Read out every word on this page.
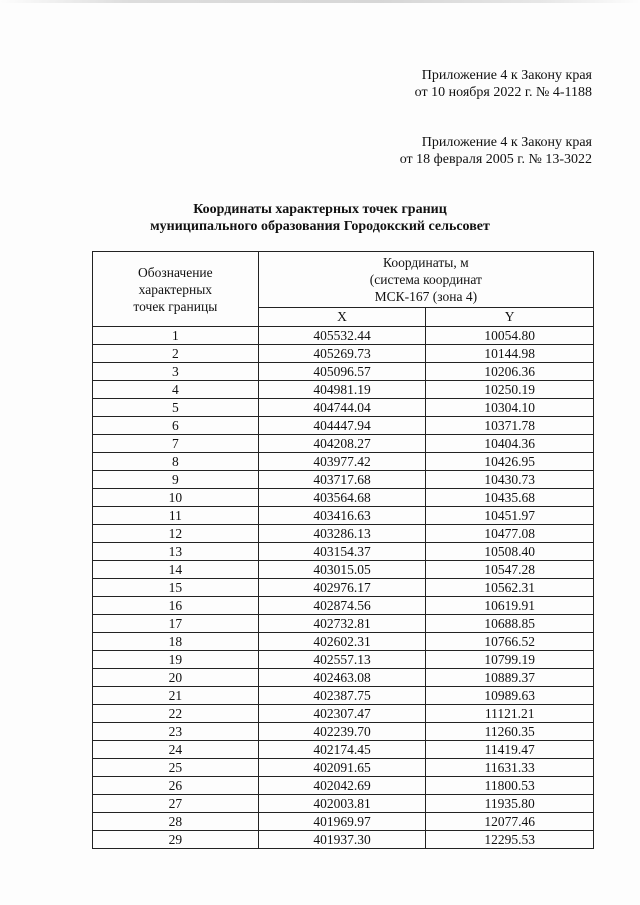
Приложение 4 к Закону края
от 10 ноября 2022 г. № 4-1188
Приложение 4 к Закону края
от 18 февраля 2005 г. № 13-3022
Координаты характерных точек границ
муниципального образования Городокский сельсовет
Обозначение
характерных
точек границы	Координаты, м
(система координат
МСК-167 (зона 4)	

	X	Y
1	405532.44	10054.80
2	405269.73	10144.98
3	405096.57	10206.36
4	404981.19	10250.19
5	404744.04	10304.10
6	404447.94	10371.78
7	404208.27	10404.36
8	403977.42	10426.95
9	403717.68	10430.73
10	403564.68	10435.68
11	403416.63	10451.97
12	403286.13	10477.08
13	403154.37	10508.40
14	403015.05	10547.28
15	402976.17	10562.31
16	402874.56	10619.91
17	402732.81	10688.85
18	402602.31	10766.52
19	402557.13	10799.19
20	402463.08	10889.37
21	402387.75	10989.63
22	402307.47	11121.21
23	402239.70	11260.35
24	402174.45	11419.47
25	402091.65	11631.33
26	402042.69	11800.53
27	402003.81	11935.80
28	401969.97	12077.46
29	401937.30	12295.53
